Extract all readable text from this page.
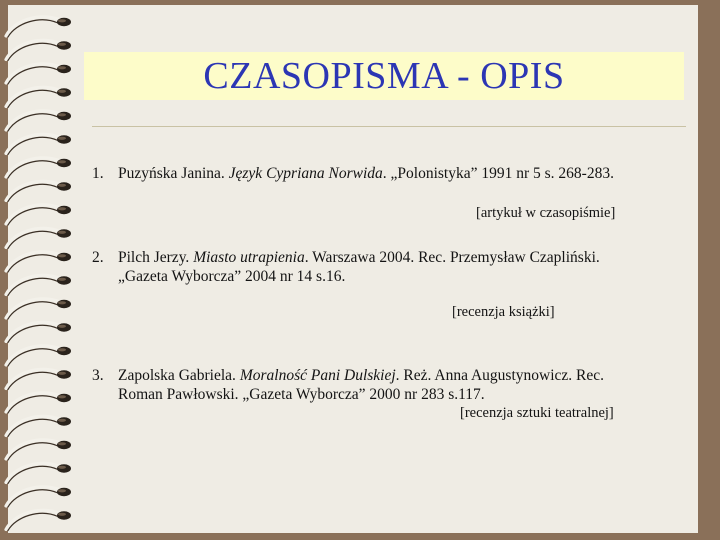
CZASOPISMA - OPIS
1. Puzyńska Janina. Język Cypriana Norwida. „Polonistyka” 1991 nr 5 s. 268-283.
[artykuł w czasopiśmie]
2. Pilch Jerzy. Miasto utrapienia. Warszawa 2004. Rec. Przemysław Czapliński.
„Gazeta Wyborcza” 2004 nr 14 s.16.
[recenzja książki]
3. Zapolska Gabriela. Moralność Pani Dulskiej. Reż. Anna Augustynowicz. Rec.
Roman Pawłowski. „Gazeta Wyborcza” 2000 nr 283 s.117.
[recenzja sztuki teatralnej]
